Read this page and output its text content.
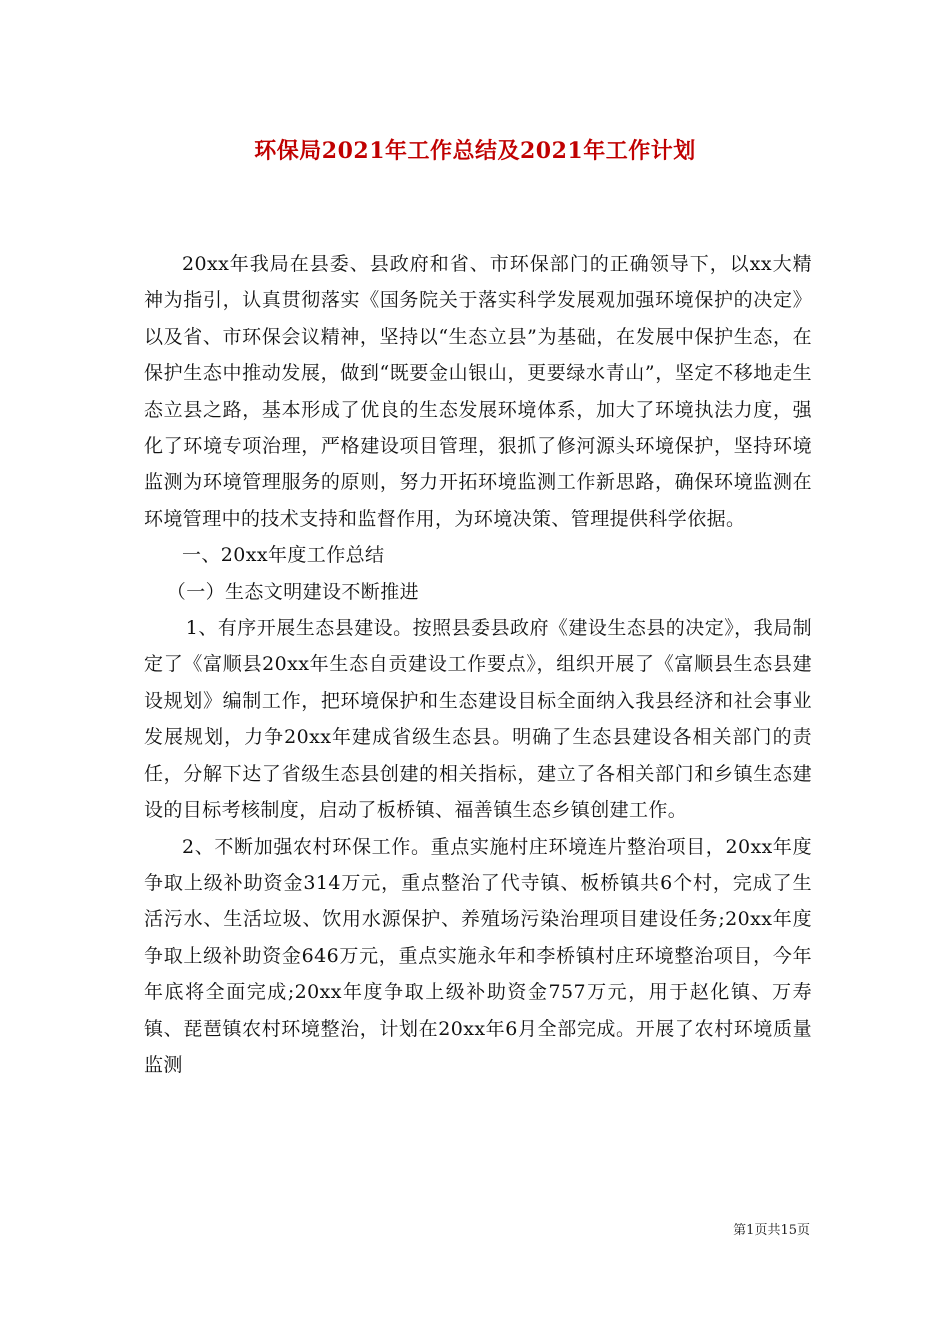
环保局2021年工作总结及2021年工作计划

20xx年我局在县委、县政府和省、市环保部门的正确领导下，以xx大精神为指引，认真贯彻落实《国务院关于落实科学发展观加强环境保护的决定》以及省、市环保会议精神，坚持以“生态立县”为基础，在发展中保护生态，在保护生态中推动发展，做到“既要金山银山，更要绿水青山”，坚定不移地走生态立县之路，基本形成了优良的生态发展环境体系，加大了环境执法力度，强化了环境专项治理，严格建设项目管理，狠抓了修河源头环境保护，坚持环境监测为环境管理服务的原则，努力开拓环境监测工作新思路，确保环境监测在环境管理中的技术支持和监督作用，为环境决策、管理提供科学依据。

一、20xx年度工作总结

（一）生态文明建设不断推进

1、有序开展生态县建设。按照县委县政府《建设生态县的决定》，我局制定了《富顺县20xx年生态自贡建设工作要点》，组织开展了《富顺县生态县建设规划》编制工作，把环境保护和生态建设目标全面纳入我县经济和社会事业发展规划，力争20xx年建成省级生态县。明确了生态县建设各相关部门的责任，分解下达了省级生态县创建的相关指标，建立了各相关部门和乡镇生态建设的目标考核制度，启动了板桥镇、福善镇生态乡镇创建工作。

2、不断加强农村环保工作。重点实施村庄环境连片整治项目，20xx年度争取上级补助资金314万元，重点整治了代寺镇、板桥镇共6个村，完成了生活污水、生活垃圾、饮用水源保护、养殖场污染治理项目建设任务;20xx年度争取上级补助资金646万元，重点实施永年和李桥镇村庄环境整治项目，今年年底将全面完成;20xx年度争取上级补助资金757万元，用于赵化镇、万寿镇、琵琶镇农村环境整治，计划在20xx年6月全部完成。开展了农村环境质量监测

第1页共15页
